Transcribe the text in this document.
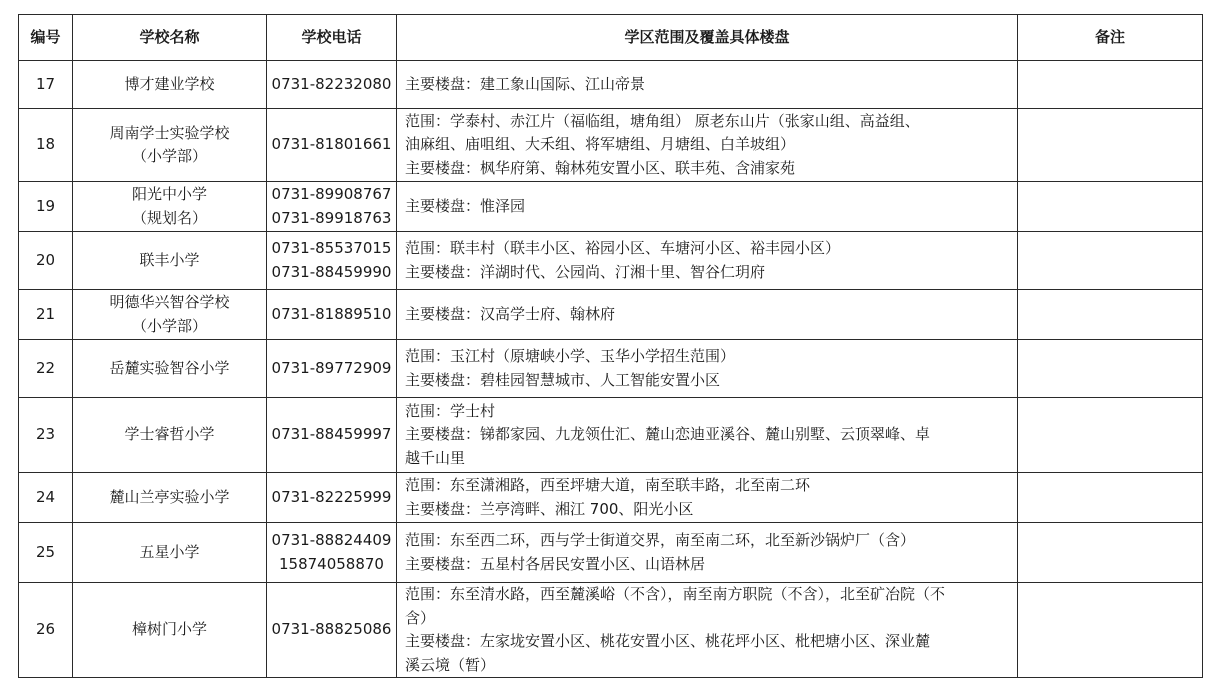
编号	学校名称	学校电话	学区范围及覆盖具体楼盘	备注
17	博才建业学校	0731-82232080	主要楼盘：建工象山国际、江山帝景	

18	周南学士实验学校
（小学部）	0731-81801661	范围：学泰村、赤江片（福临组，塘角组） 原老东山片（张家山组、高益组、
油麻组、庙咀组、大禾组、将军塘组、月塘组、白羊坡组）
主要楼盘：枫华府第、翰林苑安置小区、联丰苑、含浦家苑	

19	阳光中小学
（规划名）	0731-89908767
0731-89918763	主要楼盘：惟泽园	

20	联丰小学	0731-85537015
0731-88459990	范围：联丰村（联丰小区、裕园小区、车塘河小区、裕丰园小区）
主要楼盘：洋湖时代、公园尚、汀湘十里、智谷仁玥府	

21	明德华兴智谷学校
（小学部）	0731-81889510	主要楼盘：汉高学士府、翰林府	

22	岳麓实验智谷小学	0731-89772909	范围：玉江村（原塘峡小学、玉华小学招生范围）
主要楼盘：碧桂园智慧城市、人工智能安置小区	

23	学士睿哲小学	0731-88459997	范围：学士村
主要楼盘：锑都家园、九龙领仕汇、麓山恋迪亚溪谷、麓山别墅、云顶翠峰、卓
越千山里	

24	麓山兰亭实验小学	0731-82225999	范围：东至潇湘路，西至坪塘大道，南至联丰路，北至南二环
主要楼盘：兰亭湾畔、湘江 700、阳光小区	

25	五星小学	0731-88824409
15874058870	范围：东至西二环，西与学士街道交界，南至南二环，北至新沙锅炉厂（含）
主要楼盘：五星村各居民安置小区、山语林居	

26	樟树门小学	0731-88825086	范围：东至清水路，西至麓溪峪（不含），南至南方职院（不含），北至矿冶院（不
含）
主要楼盘：左家垅安置小区、桃花安置小区、桃花坪小区、枇杷塘小区、深业麓
溪云境（暂）	
